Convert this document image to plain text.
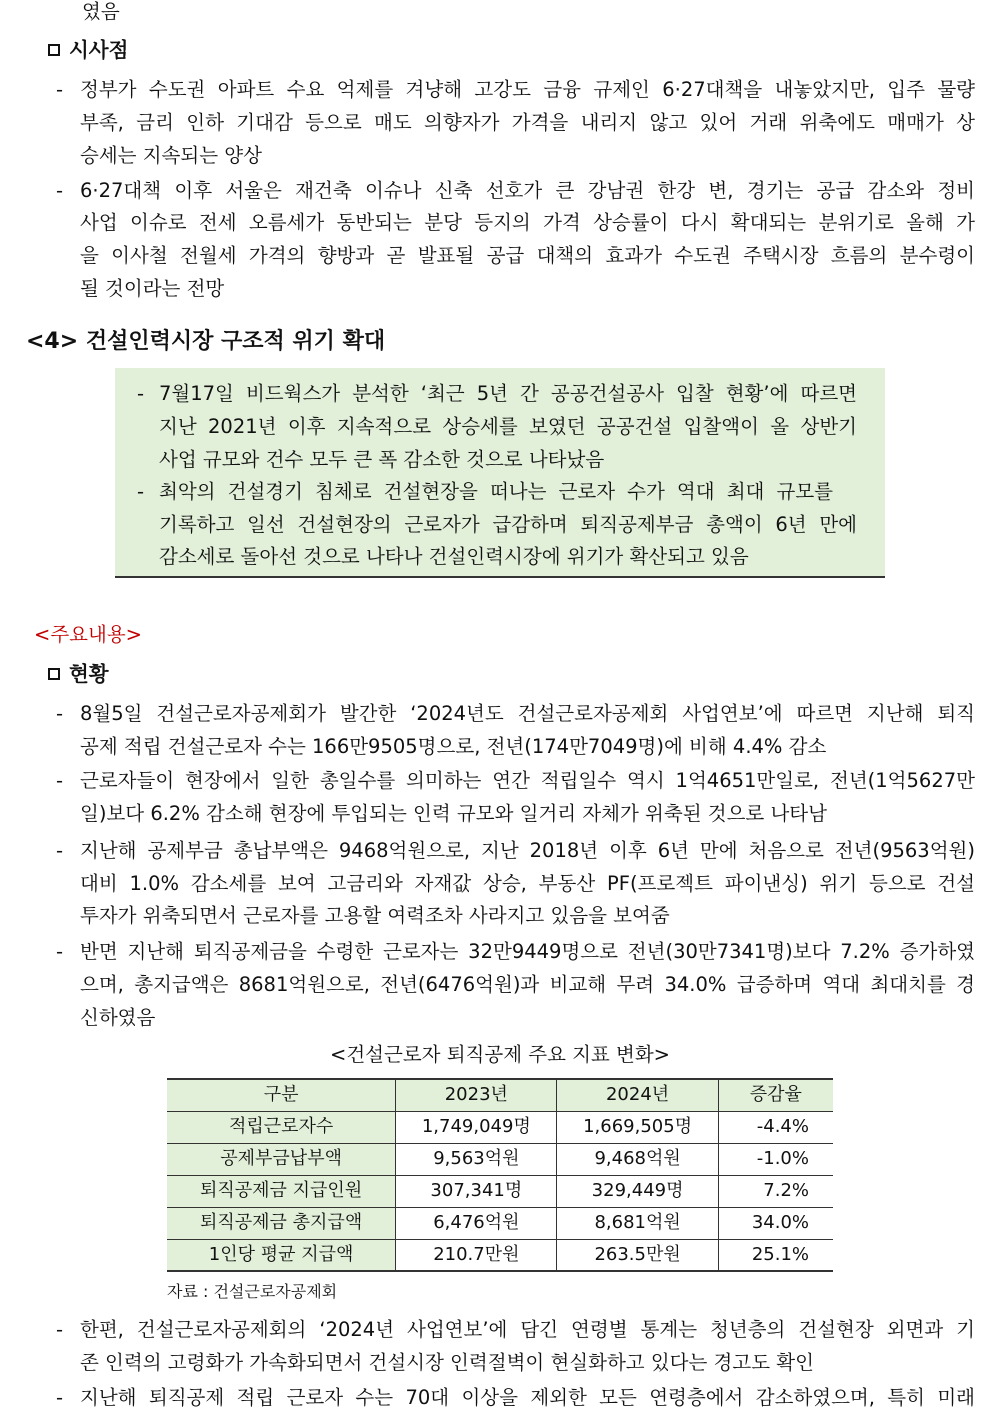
였음
시사점
- 정부가 수도권 아파트 수요 억제를 겨냥해 고강도 금융 규제인 6·27대책을 내놓았지만, 입주 물량
부족, 금리 인하 기대감 등으로 매도 의향자가 가격을 내리지 않고 있어 거래 위축에도 매매가 상
승세는 지속되는 양상
- 6·27대책 이후 서울은 재건축 이슈나 신축 선호가 큰 강남권 한강 변, 경기는 공급 감소와 정비
사업 이슈로 전세 오름세가 동반되는 분당 등지의 가격 상승률이 다시 확대되는 분위기로 올해 가
을 이사철 전월세 가격의 향방과 곧 발표될 공급 대책의 효과가 수도권 주택시장 흐름의 분수령이
될 것이라는 전망
<4> 건설인력시장 구조적 위기 확대
- 7월17일 비드웍스가 분석한 ‘최근 5년 간 공공건설공사 입찰 현황’에 따르면
지난 2021년 이후 지속적으로 상승세를 보였던 공공건설 입찰액이 올 상반기
사업 규모와 건수 모두 큰 폭 감소한 것으로 나타났음
- 최악의 건설경기 침체로 건설현장을 떠나는 근로자 수가 역대 최대 규모를
기록하고 일선 건설현장의 근로자가 급감하며 퇴직공제부금 총액이 6년 만에
감소세로 돌아선 것으로 나타나 건설인력시장에 위기가 확산되고 있음
<주요내용>
현황
- 8월5일 건설근로자공제회가 발간한 ‘2024년도 건설근로자공제회 사업연보’에 따르면 지난해 퇴직
공제 적립 건설근로자 수는 166만9505명으로, 전년(174만7049명)에 비해 4.4% 감소
- 근로자들이 현장에서 일한 총일수를 의미하는 연간 적립일수 역시 1억4651만일로, 전년(1억5627만
일)보다 6.2% 감소해 현장에 투입되는 인력 규모와 일거리 자체가 위축된 것으로 나타남
- 지난해 공제부금 총납부액은 9468억원으로, 지난 2018년 이후 6년 만에 처음으로 전년(9563억원)
대비 1.0% 감소세를 보여 고금리와 자재값 상승, 부동산 PF(프로젝트 파이낸싱) 위기 등으로 건설
투자가 위축되면서 근로자를 고용할 여력조차 사라지고 있음을 보여줌
- 반면 지난해 퇴직공제금을 수령한 근로자는 32만9449명으로 전년(30만7341명)보다 7.2% 증가하였
으며, 총지급액은 8681억원으로, 전년(6476억원)과 비교해 무려 34.0% 급증하며 역대 최대치를 경
신하였음
<건설근로자 퇴직공제 주요 지표 변화>
구분	2023년	2024년	증감율
적립근로자수	1,749,049명	1,669,505명	-4.4%
공제부금납부액	9,563억원	9,468억원	-1.0%
퇴직공제금 지급인원	307,341명	329,449명	7.2%
퇴직공제금 총지급액	6,476억원	8,681억원	34.0%
1인당 평균 지급액	210.7만원	263.5만원	25.1%
자료 : 건설근로자공제회
- 한편, 건설근로자공제회의 ‘2024년 사업연보’에 담긴 연령별 통계는 청년층의 건설현장 외면과 기
존 인력의 고령화가 가속화되면서 건설시장 인력절벽이 현실화하고 있다는 경고도 확인
- 지난해 퇴직공제 적립 근로자 수는 70대 이상을 제외한 모든 연령층에서 감소하였으며, 특히 미래
